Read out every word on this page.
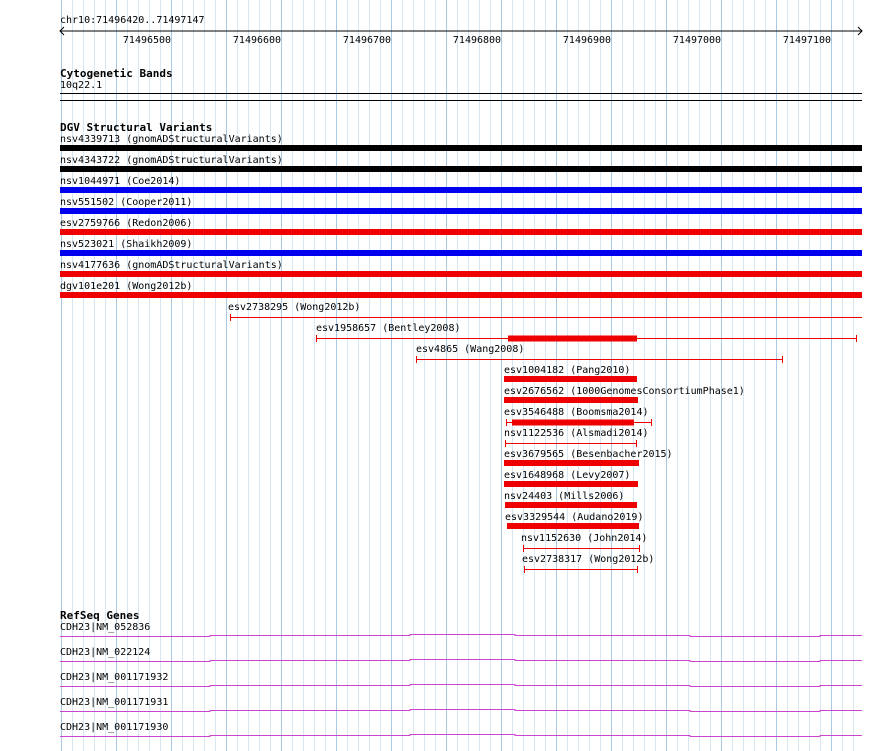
chr10:71496420..71497147
71496500	71496600	71496700	71496800	71496900	71497000	71497100
Cytogenetic Bands
10q22.1
DGV Structural Variants
nsv4339713 (gnomADStructuralVariants)
nsv4343722 (gnomADStructuralVariants)
nsv1044971 (Coe2014)
nsv551502 (Cooper2011)
esv2759766 (Redon2006)
nsv523021 (Shaikh2009)
nsv4177636 (gnomADStructuralVariants)
dgv101e201 (Wong2012b)
esv2738295 (Wong2012b)
esv1958657 (Bentley2008)
esv4865 (Wang2008)
esv1004182 (Pang2010)
esv2676562 (1000GenomesConsortiumPhase1)
esv3546488 (Boomsma2014)
nsv1122536 (Alsmadi2014)
esv3679565 (Besenbacher2015)
esv1648968 (Levy2007)
nsv24403 (Mills2006)
esv3329544 (Audano2019)
nsv1152630 (John2014)
esv2738317 (Wong2012b)
RefSeq Genes
CDH23|NM_052836
CDH23|NM_022124
CDH23|NM_001171932
CDH23|NM_001171931
CDH23|NM_001171930
